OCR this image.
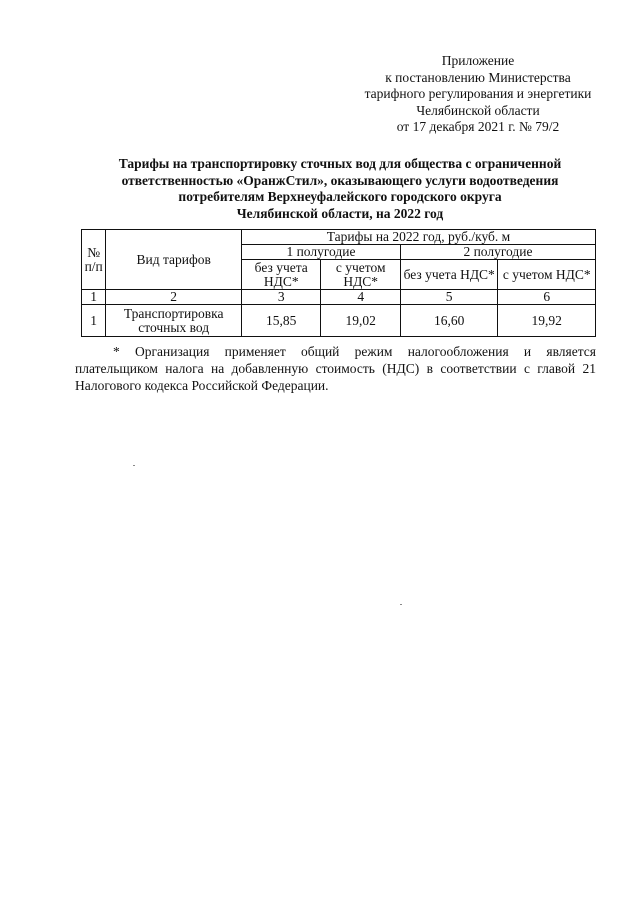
Приложение
к постановлению Министерства
тарифного регулирования и энергетики
Челябинской области
от 17 декабря 2021 г. № 79/2
Тарифы на транспортировку сточных вод для общества с ограниченной
ответственностью «ОранжСтил», оказывающего услуги водоотведения
потребителям Верхнеуфалейского городского округа
Челябинской области, на 2022 год
№ п/п	Вид тарифов	Тарифы на 2022 год, руб./куб. м			
		1 полугодие		2 полугодие	
		без учета НДС*	с учетом НДС*	без учета НДС*	с учетом НДС*
1	2	3	4	5	6
1	Транспортировка сточных вод	15,85	19,02	16,60	19,92
* Организация применяет общий режим налогообложения и является
плательщиком налога на добавленную стоимость (НДС) в соответствии с главой 21 Налогового кодекса Российской Федерации.
